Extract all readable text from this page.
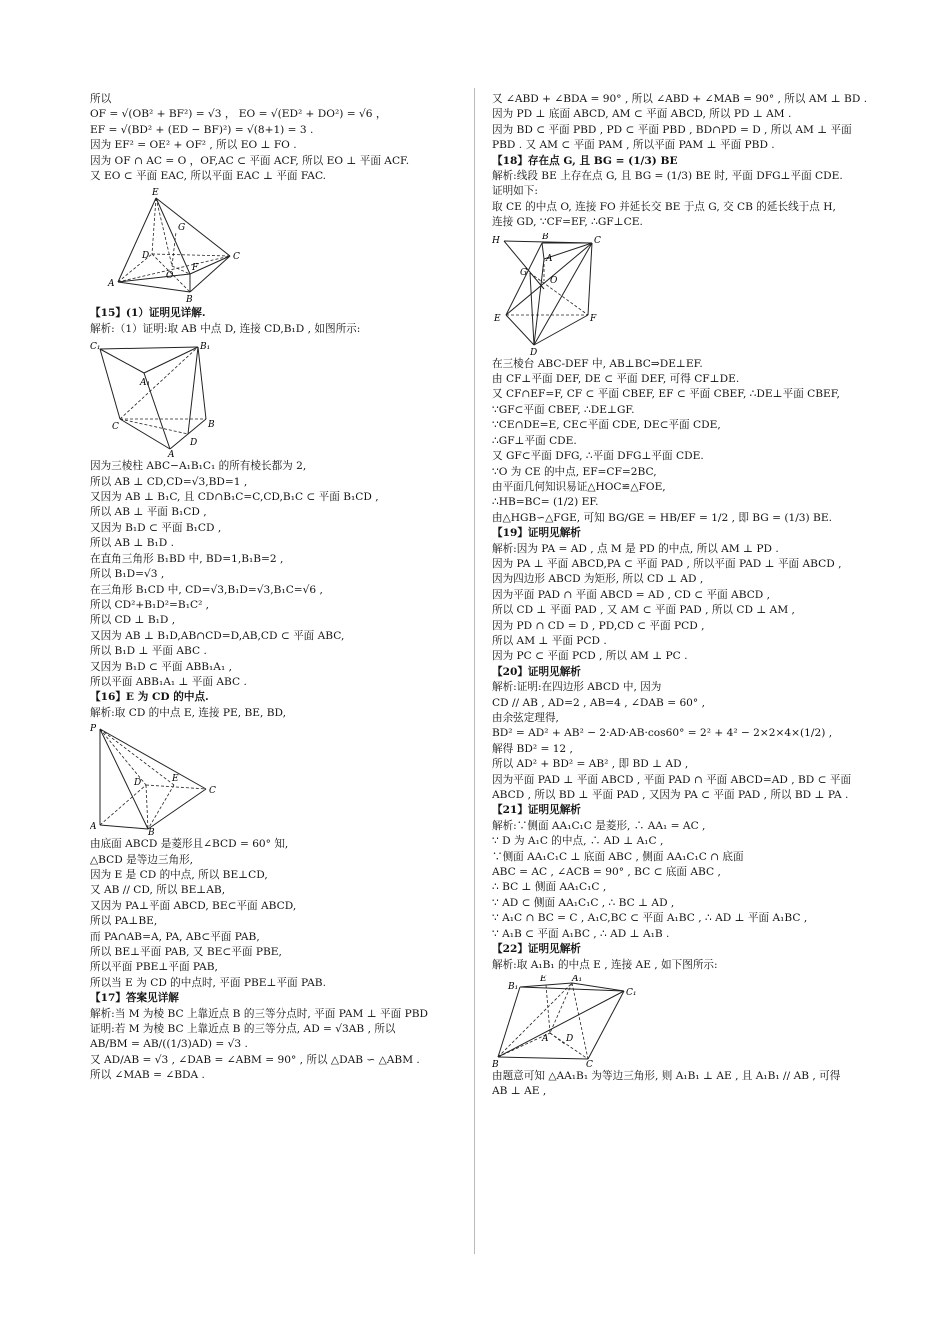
所以
OF = √(OB² + BF²) = √3 ， EO = √(ED² + DO²) = √6 ，
EF = √(BD² + (ED − BF)²) = √(8+1) = 3 .
因为 EF² = OE² + OF² , 所以 EO ⊥ FO .
因为 OF ∩ AC = O ，OF,AC ⊂ 平面 ACF, 所以 EO ⊥ 平面 ACF.
又 EO ⊂ 平面 EAC, 所以平面 EAC ⊥ 平面 FAC.
E
G
D
O
F
A
C
B
【15】(1）证明见详解.
解析:（1）证明:取 AB 中点 D, 连接 CD,B₁D , 如图所示:
C₁	B₁
A₁
C	B
D
A
因为三棱柱 ABC−A₁B₁C₁ 的所有棱长都为 2,
所以 AB ⊥ CD,CD=√3,BD=1 ,
又因为 AB ⊥ B₁C, 且 CD∩B₁C=C,CD,B₁C ⊂ 平面 B₁CD ,
所以 AB ⊥ 平面 B₁CD ,
又因为 B₁D ⊂ 平面 B₁CD ,
所以 AB ⊥ B₁D .
在直角三角形 B₁BD 中, BD=1,B₁B=2 ,
所以 B₁D=√3 ,
在三角形 B₁CD 中, CD=√3,B₁D=√3,B₁C=√6 ,
所以 CD²+B₁D²=B₁C² ,
所以 CD ⊥ B₁D ,
又因为 AB ⊥ B₁D,AB∩CD=D,AB,CD ⊂ 平面 ABC,
所以 B₁D ⊥ 平面 ABC .
又因为 B₁D ⊂ 平面 ABB₁A₁ ,
所以平面 ABB₁A₁ ⊥ 平面 ABC .
【16】E 为 CD 的中点.
解析:取 CD 的中点 E, 连接 PE, BE, BD,
P
D	E
C
A
B
由底面 ABCD 是菱形且∠BCD = 60° 知,
△BCD 是等边三角形,
因为 E 是 CD 的中点, 所以 BE⊥CD,
又 AB // CD, 所以 BE⊥AB,
又因为 PA⊥平面 ABCD, BE⊂平面 ABCD,
所以 PA⊥BE,
而 PA∩AB=A, PA, AB⊂平面 PAB,
所以 BE⊥平面 PAB, 又 BE⊂平面 PBE,
所以平面 PBE⊥平面 PAB,
所以当 E 为 CD 的中点时, 平面 PBE⊥平面 PAB.
【17】答案见详解
解析:当 M 为棱 BC 上靠近点 B 的三等分点时, 平面 PAM ⊥ 平面 PBD
证明:若 M 为棱 BC 上靠近点 B 的三等分点, AD = √3AB , 所以
AB/BM = AB/((1/3)AD) = √3 .
又 AD/AB = √3 , ∠DAB = ∠ABM = 90° , 所以 △DAB ∽ △ABM .
所以 ∠MAB = ∠BDA .
又 ∠ABD + ∠BDA = 90° , 所以 ∠ABD + ∠MAB = 90° , 所以 AM ⊥ BD .
因为 PD ⊥ 底面 ABCD, AM ⊂ 平面 ABCD, 所以 PD ⊥ AM .
因为 BD ⊂ 平面 PBD , PD ⊂ 平面 PBD , BD∩PD = D , 所以 AM ⊥ 平面
PBD . 又 AM ⊂ 平面 PAM , 所以平面 PAM ⊥ 平面 PBD .
【18】存在点 G, 且 BG = (1/3) BE
解析:线段 BE 上存在点 G, 且 BG = (1/3) BE 时, 平面 DFG⊥平面 CDE.
证明如下:
取 CE 的中点 O, 连接 FO 并延长交 BE 于点 G, 交 CB 的延长线于点 H,
连接 GD, ∵CF=EF, ∴GF⊥CE.
H	B	C
A
G
O
E	F
D
在三棱台 ABC-DEF 中, AB⊥BC⇒DE⊥EF.
由 CF⊥平面 DEF, DE ⊂ 平面 DEF, 可得 CF⊥DE.
又 CF∩EF=F, CF ⊂ 平面 CBEF, EF ⊂ 平面 CBEF, ∴DE⊥平面 CBEF,
∵GF⊂平面 CBEF, ∴DE⊥GF.
∵CE∩DE=E, CE⊂平面 CDE, DE⊂平面 CDE,
∴GF⊥平面 CDE.
又 GF⊂平面 DFG, ∴平面 DFG⊥平面 CDE.
∵O 为 CE 的中点, EF=CF=2BC,
由平面几何知识易证△HOC≌△FOE,
∴HB=BC= (1/2) EF.
由△HGB∽△FGE, 可知 BG/GE = HB/EF = 1/2 , 即 BG = (1/3) BE.
【19】证明见解析
解析:因为 PA = AD , 点 M 是 PD 的中点, 所以 AM ⊥ PD .
因为 PA ⊥ 平面 ABCD,PA ⊂ 平面 PAD , 所以平面 PAD ⊥ 平面 ABCD ,
因为四边形 ABCD 为矩形, 所以 CD ⊥ AD ,
因为平面 PAD ∩ 平面 ABCD = AD , CD ⊂ 平面 ABCD ,
所以 CD ⊥ 平面 PAD , 又 AM ⊂ 平面 PAD , 所以 CD ⊥ AM ,
因为 PD ∩ CD = D , PD,CD ⊂ 平面 PCD ,
所以 AM ⊥ 平面 PCD .
因为 PC ⊂ 平面 PCD , 所以 AM ⊥ PC .
【20】证明见解析
解析:证明:在四边形 ABCD 中, 因为
CD // AB , AD=2 , AB=4 , ∠DAB = 60° ,
由余弦定理得,
BD² = AD² + AB² − 2·AD·AB·cos60° = 2² + 4² − 2×2×4×(1/2) ,
解得 BD² = 12 ,
所以 AD² + BD² = AB² , 即 BD ⊥ AD ,
因为平面 PAD ⊥ 平面 ABCD , 平面 PAD ∩ 平面 ABCD=AD , BD ⊂ 平面
ABCD , 所以 BD ⊥ 平面 PAD , 又因为 PA ⊂ 平面 PAD , 所以 BD ⊥ PA .
【21】证明见解析
解析:∵侧面 AA₁C₁C 是菱形, ∴ AA₁ = AC ,
∵ D 为 A₁C 的中点, ∴ AD ⊥ A₁C ,
∵侧面 AA₁C₁C ⊥ 底面 ABC , 侧面 AA₁C₁C ∩ 底面
ABC = AC , ∠ACB = 90° , BC ⊂ 底面 ABC ,
∴ BC ⊥ 侧面 AA₁C₁C ,
∵ AD ⊂ 侧面 AA₁C₁C , ∴ BC ⊥ AD ,
∵ A₁C ∩ BC = C , A₁C,BC ⊂ 平面 A₁BC , ∴ AD ⊥ 平面 A₁BC ,
∵ A₁B ⊂ 平面 A₁BC , ∴ AD ⊥ A₁B .
【22】证明见解析
解析:取 A₁B₁ 的中点 E , 连接 AE , 如下图所示:
B₁
E	A₁
C₁
A D
B	C
由题意可知 △AA₁B₁ 为等边三角形, 则 A₁B₁ ⊥ AE , 且 A₁B₁ // AB , 可得
AB ⊥ AE ,
